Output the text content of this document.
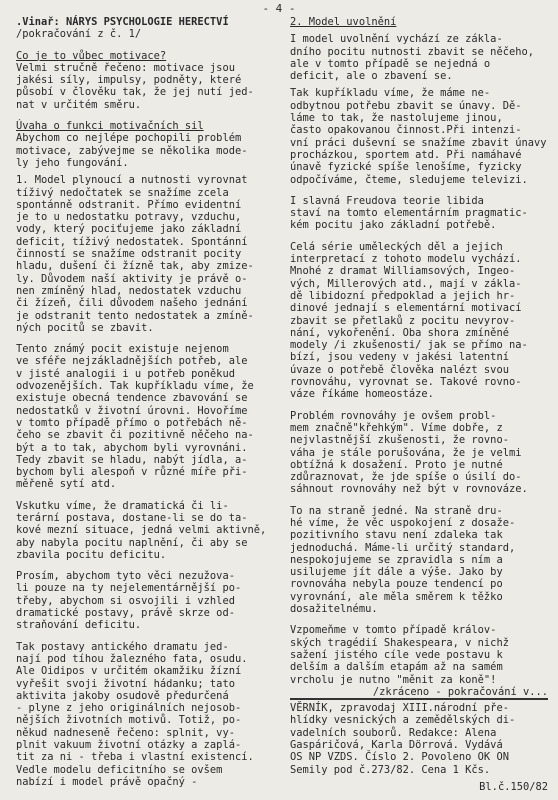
- 4 -
.Vinař: NÁRYS PSYCHOLOGIE HERECTVÍ
/pokračování z č. 1/
Co je to vůbec motivace?
Velmi stručně řečeno: motivace jsou
jakési síly, impulsy, podněty, které
působí v člověku tak, že jej nutí jed-
nat v určitém směru.
Úvaha o funkci motivačních sil
Abychom co nejlépe pochopili problém
motivace, zabývejme se několika mode-
ly jeho fungování.
1. Model plynoucí a nutnosti vyrovnat
tíživý nedočtatek se snažíme zcela
spontánně odstranit. Přímo evidentní
je to u nedostatku potravy, vzduchu,
vody, který pociťujeme jako základní
deficit, tíživý nedostatek. Spontánní
činností se snažíme odstranit pocity
hladu, dušení či žízně tak, aby zmize-
ly. Důvodem naší aktivity je právě o-
nen zmíněný hlad, nedostatek vzduchu
či žízeň, čili důvodem našeho jednání
je odstranit tento nedostatek a zmíně-
ných pocitů se zbavit.
Tento známý pocit existuje nejenom
ve sféře nejzákladnějších potřeb, ale
v jisté analogii i u potřeb poněkud
odvozenějších. Tak kupříkladu víme, že
existuje obecná tendence zbavování se
nedostatků v životní úrovni. Hovoříme
v tomto případě přímo o potřebách ně-
čeho se zbavit či pozitivně něčeho na-
být a to tak, abychom byli vyrovnáni.
Tedy zbavit se hladu, nabýt jídla, a-
bychom byli alespoň v různé míře při-
měřeně sytí atd.
Vskutku víme, že dramatická či li-
terární postava, dostane-li se do ta-
kové mezní situace, jedná velmi aktivně,
aby nabyla pocitu naplnění, či aby se
zbavila pocitu deficitu.
Prosím, abychom tyto věci nezužova-
li pouze na ty nejelementárnější po-
třeby, abychom si osvojili i vzhled
dramatické postavy, právě skrze od-
straňování deficitu.
Tak postavy antického dramatu jed-
nají pod tíhou žalezného fata, osudu.
Ale Oidipos v určitém okamžiku žízní
vyřešit svoji životní hádanku; tato
aktivita jakoby osudově předurčená
- plyne z jeho originálních nejosob-
nějších životních motivů. Totiž, po-
někud nadneseně řečeno: splnit, vy-
plnit vakuum životní otázky a zaplá-
tit za ni - třeba i vlastní existencí.
Vedle modelu deficitního se ovšem
nabízí i model právě opačný -
2. Model uvolnění
I model uvolnění vychází ze zákla-
dního pocitu nutnosti zbavit se něčeho,
ale v tomto případě se nejedná o
deficit, ale o zbavení se.
Tak kupříkladu víme, že máme ne-
odbytnou potřebu zbavit se únavy. Dě-
láme to tak, že nastolujeme jinou,
často opakovanou činnost.Při intenzi-
vní práci duševní se snažíme zbavit únavy
procházkou, sportem atd. Při namáhavé
únavě fyzické spíše lenošíme, fyzicky
odpočíváme, čteme, sledujeme televizi.
I slavná Freudova teorie libida
staví na tomto elementárním pragmatic-
kém pocitu jako základní potřebě.
Celá série uměleckých děl a jejich
interpretací z tohoto modelu vychází.
Mnohé z dramat Williamsových, Ingeo-
vých, Millerových atd., mají v zákla-
dě libidozní předpoklad a jejich hr-
dinové jednají s elementární motivací
zbavit se přetlaků z pocitu nevyrov-
nání, vykořenění. Oba shora zmíněné
modely /i zkušenosti/ jak se přímo na-
bízí, jsou vedeny v jakési latentní
úvaze o potřebě člověka nalézt svou
rovnováhu, vyrovnat se. Takové rovno-
váze říkáme homeostáze.
Problém rovnováhy je ovšem probl-
mem značně"křehkým". Víme dobře, z
nejvlastnější zkušenosti, že rovno-
váha je stále porušována, že je velmi
obtížná k dosažení. Proto je nutné
zdůraznovat, že jde spíše o úsilí do-
sáhnout rovnováhy než být v rovnováze.
To na straně jedné. Na straně dru-
hé víme, že věc uspokojení z dosaže-
pozitivního stavu není zdaleka tak
jednoduchá. Máme-li určitý standard,
nespokojujeme se zpravidla s ním a
usilujeme jít dále a výše. Jako by
rovnováha nebyla pouze tendencí po
vyrovnání, ale měla směrem k těžko
dosažitelnému.
Vzpomeňme v tomto případě králov-
ských tragédií Shakespeara, v nichž
sažení jistého cíle vede postavu k
delším a dalším etapám až na samém
vrcholu je nutno "měnit za koně"!
/zkráceno - pokračování v...
VĚRNÍK, zpravodaj XIII.národní pře-
hlídky vesnických a zemědělských di-
vadelních souborů. Redakce: Alena
Gaspáričová, Karla Dörrová. Vydává
OS NP VZDS. Číslo 2. Povoleno OK ON
Semily pod č.273/82. Cena 1 Kčs.
Bl.č.150/82
